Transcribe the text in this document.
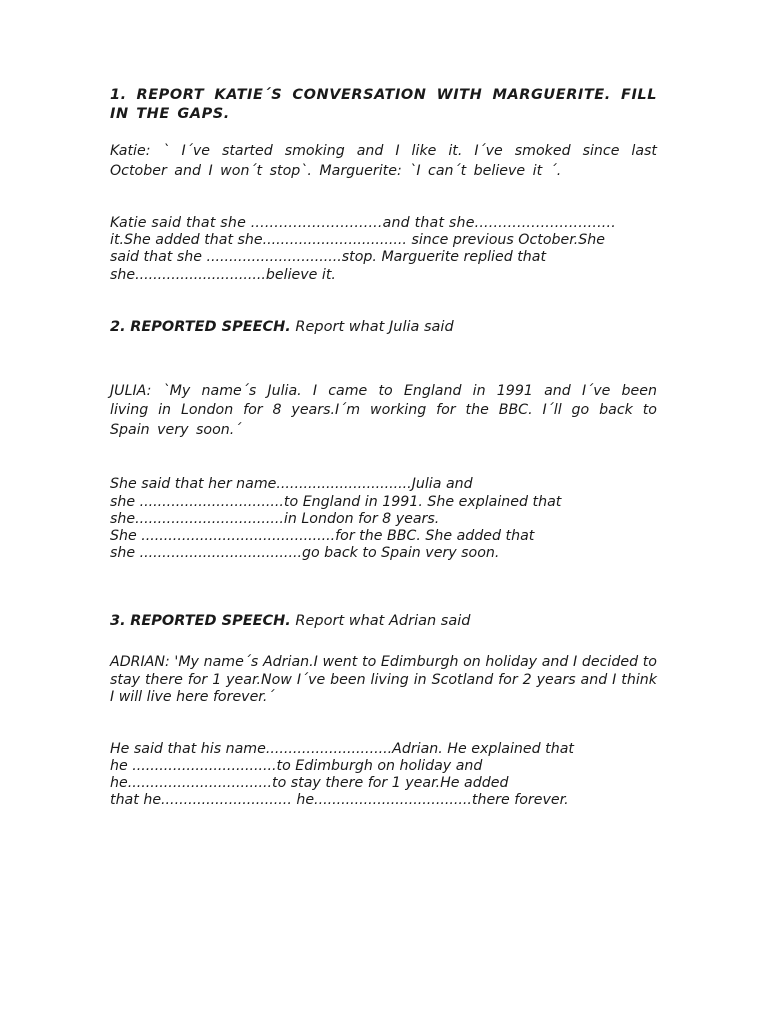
1. REPORT KATIE´S CONVERSATION WITH MARGUERITE. FILL IN THE GAPS.

Katie: ` I´ve started smoking and I like it. I´ve smoked since last October and I won´t stop`. Marguerite: `I can´t believe it ´.

Katie said that she ............................and that she..............................
it.She added that she................................ since previous October.She
said that she ..............................stop. Marguerite replied that
she.............................believe it.

2. REPORTED SPEECH. Report what Julia said

JULIA: `My name´s Julia. I came to England in 1991 and I´ve been living in London for 8 years.I´m working for the BBC. I´ll go back to Spain very soon.´

She said that her name..............................Julia and
she ................................to England in 1991. She explained that
she.................................in London for 8 years.
She ...........................................for the BBC. She added that
she ....................................go back to Spain very soon.

3. REPORTED SPEECH. Report what Adrian said

ADRIAN: 'My name´s Adrian.I went to Edimburgh on holiday and I decided to stay there for 1 year.Now I´ve been living in Scotland for 2 years and I think I will live here forever.´

He said that his name............................Adrian. He explained that
he ................................to Edimburgh on holiday and
he................................to stay there for 1 year.He added
that he............................. he...................................there forever.
